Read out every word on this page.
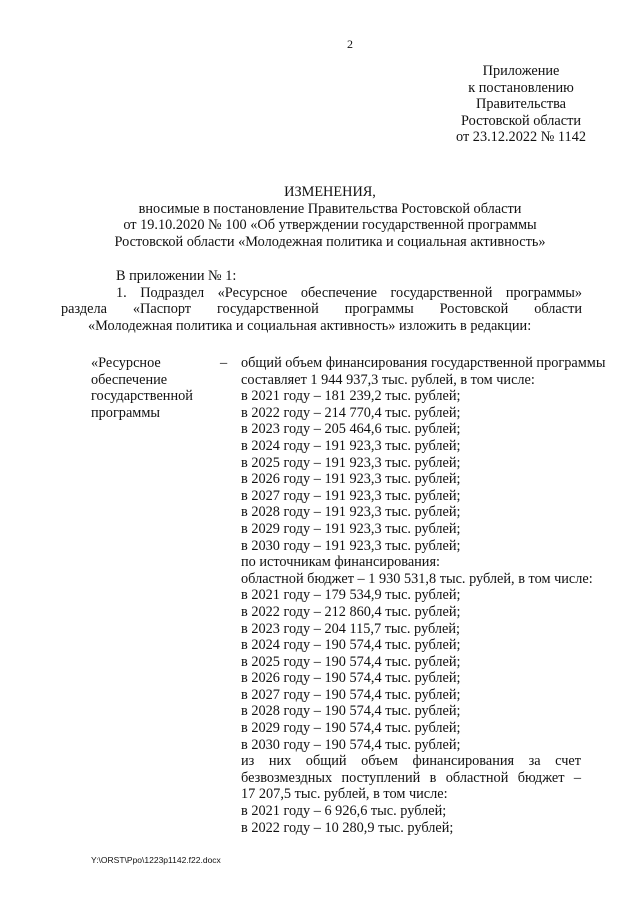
2
Приложение
к постановлению
Правительства
Ростовской области
от 23.12.2022 № 1142
ИЗМЕНЕНИЯ,
вносимые в постановление Правительства Ростовской области
от 19.10.2020 № 100 «Об утверждении государственной программы
Ростовской области «Молодежная политика и социальная активность»
В приложении № 1:
1. Подраздел «Ресурсное обеспечение государственной программы»
раздела «Паспорт государственной программы Ростовской области
«Молодежная политика и социальная активность» изложить в редакции:
«Ресурсное
обеспечение
государственной
программы
– общий объем финансирования государственной программы
составляет 1 944 937,3 тыс. рублей, в том числе:
в 2021 году – 181 239,2 тыс. рублей;
в 2022 году – 214 770,4 тыс. рублей;
в 2023 году – 205 464,6 тыс. рублей;
в 2024 году – 191 923,3 тыс. рублей;
в 2025 году – 191 923,3 тыс. рублей;
в 2026 году – 191 923,3 тыс. рублей;
в 2027 году – 191 923,3 тыс. рублей;
в 2028 году – 191 923,3 тыс. рублей;
в 2029 году – 191 923,3 тыс. рублей;
в 2030 году – 191 923,3 тыс. рублей;
по источникам финансирования:
областной бюджет – 1 930 531,8 тыс. рублей, в том числе:
в 2021 году – 179 534,9 тыс. рублей;
в 2022 году – 212 860,4 тыс. рублей;
в 2023 году – 204 115,7 тыс. рублей;
в 2024 году – 190 574,4 тыс. рублей;
в 2025 году – 190 574,4 тыс. рублей;
в 2026 году – 190 574,4 тыс. рублей;
в 2027 году – 190 574,4 тыс. рублей;
в 2028 году – 190 574,4 тыс. рублей;
в 2029 году – 190 574,4 тыс. рублей;
в 2030 году – 190 574,4 тыс. рублей;
из них общий объем финансирования за счет
безвозмездных поступлений в областной бюджет –
17 207,5 тыс. рублей, в том числе:
в 2021 году – 6 926,6 тыс. рублей;
в 2022 году – 10 280,9 тыс. рублей;
Y:\ORST\Ppo\1223p1142.f22.docx
